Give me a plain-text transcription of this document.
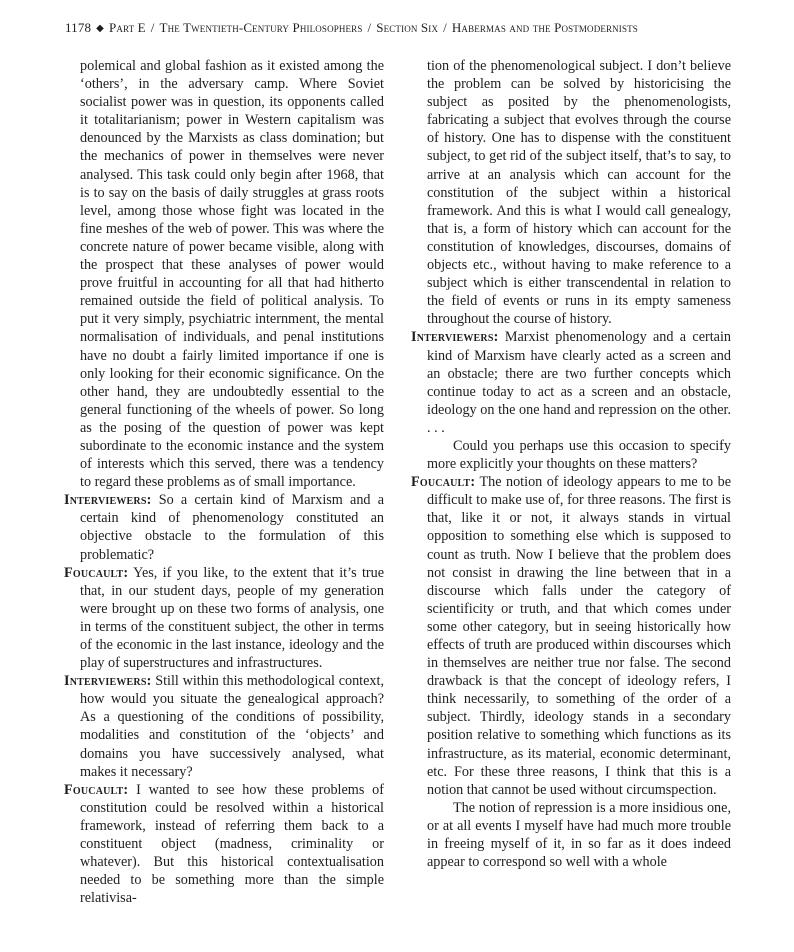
1178 ◆ Part E / The Twentieth-Century Philosophers / Section Six / Habermas and the Postmodernists

polemical and global fashion as it existed among the ‘others’, in the adversary camp. Where Soviet socialist power was in question, its opponents called it totalitarianism; power in Western capitalism was denounced by the Marxists as class domination; but the mechanics of power in themselves were never analysed. This task could only begin after 1968, that is to say on the basis of daily struggles at grass roots level, among those whose fight was located in the fine meshes of the web of power. This was where the concrete nature of power became visible, along with the prospect that these analyses of power would prove fruitful in accounting for all that had hitherto remained outside the field of political analysis. To put it very simply, psychiatric internment, the mental normalisation of individuals, and penal institutions have no doubt a fairly limited importance if one is only looking for their economic significance. On the other hand, they are undoubtedly essential to the general functioning of the wheels of power. So long as the posing of the question of power was kept subordinate to the economic instance and the system of interests which this served, there was a tendency to regard these problems as of small importance.

Interviewers: So a certain kind of Marxism and a certain kind of phenomenology constituted an objective obstacle to the formulation of this problematic?

Foucault: Yes, if you like, to the extent that it’s true that, in our student days, people of my generation were brought up on these two forms of analysis, one in terms of the constituent subject, the other in terms of the economic in the last instance, ideology and the play of superstructures and infrastructures.

Interviewers: Still within this methodological context, how would you situate the genealogical approach? As a questioning of the conditions of possibility, modalities and constitution of the ‘objects’ and domains you have successively analysed, what makes it necessary?

Foucault: I wanted to see how these problems of constitution could be resolved within a historical framework, instead of referring them back to a constituent object (madness, criminality or whatever). But this historical contextualisation needed to be something more than the simple relativisa-

tion of the phenomenological subject. I don’t believe the problem can be solved by historicising the subject as posited by the phenomenologists, fabricating a subject that evolves through the course of history. One has to dispense with the constituent subject, to get rid of the subject itself, that’s to say, to arrive at an analysis which can account for the constitution of the subject within a historical framework. And this is what I would call genealogy, that is, a form of history which can account for the constitution of knowledges, discourses, domains of objects etc., without having to make reference to a subject which is either transcendental in relation to the field of events or runs in its empty sameness throughout the course of history.

Interviewers: Marxist phenomenology and a certain kind of Marxism have clearly acted as a screen and an obstacle; there are two further concepts which continue today to act as a screen and an obstacle, ideology on the one hand and repression on the other. . . .

Could you perhaps use this occasion to specify more explicitly your thoughts on these matters?

Foucault: The notion of ideology appears to me to be difficult to make use of, for three reasons. The first is that, like it or not, it always stands in virtual opposition to something else which is supposed to count as truth. Now I believe that the problem does not consist in drawing the line between that in a discourse which falls under the category of scientificity or truth, and that which comes under some other category, but in seeing historically how effects of truth are produced within discourses which in themselves are neither true nor false. The second drawback is that the concept of ideology refers, I think necessarily, to something of the order of a subject. Thirdly, ideology stands in a secondary position relative to something which functions as its infrastructure, as its material, economic determinant, etc. For these three reasons, I think that this is a notion that cannot be used without circumspection.

The notion of repression is a more insidious one, or at all events I myself have had much more trouble in freeing myself of it, in so far as it does indeed appear to correspond so well with a whole
